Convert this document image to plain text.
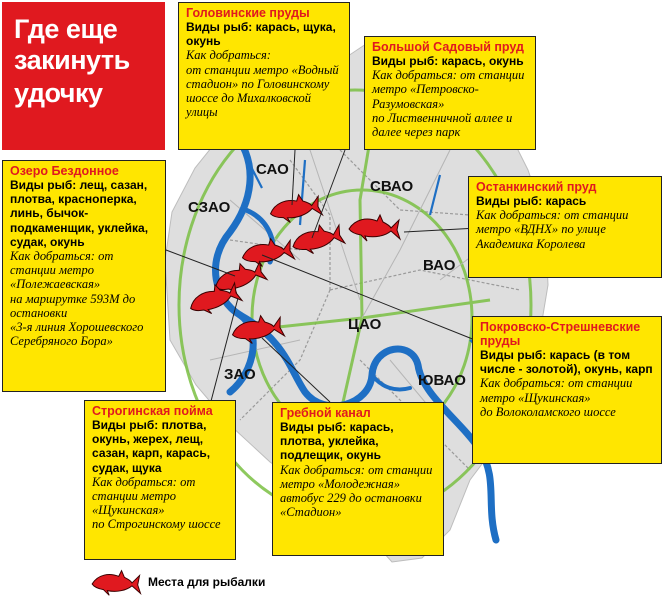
Где еще
закинуть
удочку
САО
СВАО
СЗАО
ВАО
ЦАО
ЗАО	ЮВАО
Головинские пруды
Виды рыб: карась, щука, окунь
Как добраться:
от станции метро «Водный стадион» по Головинскому шоссе до Михалковской улицы
Большой Садовый пруд
Виды рыб: карась, окунь
Как добраться: от станции метро «Петровско-Разумовская»
по Лиственничной аллее и далее через парк
Останкинский пруд
Виды рыб: карась
Как добраться: от станции метро «ВДНХ» по улице Академика Королева
Озеро Бездонное
Виды рыб: лещ, сазан, плотва, красноперка, линь, бычок-подкаменщик, уклейка, судак, окунь
Как добраться: от станции метро «Полежаевская»
на маршрутке 593М до остановки
«3-я линия Хорошевского Серебряного Бора»
Покровско-Стрешневские пруды
Виды рыб: карась (в том числе - золотой), окунь, карп
Как добраться: от станции метро «Щукинская»
до Волоколамского шоссе
Строгинская пойма
Виды рыб: плотва, окунь, жерех, лещ, сазан, карп, карась, судак, щука
Как добраться: от станции метро «Щукинская»
по Строгинскому шоссе
Гребной канал
Виды рыб: карась, плотва, уклейка, подлещик, окунь
Как добраться: от станции метро «Молодежная»
автобус 229 до остановки «Стадион»
Места для рыбалки
